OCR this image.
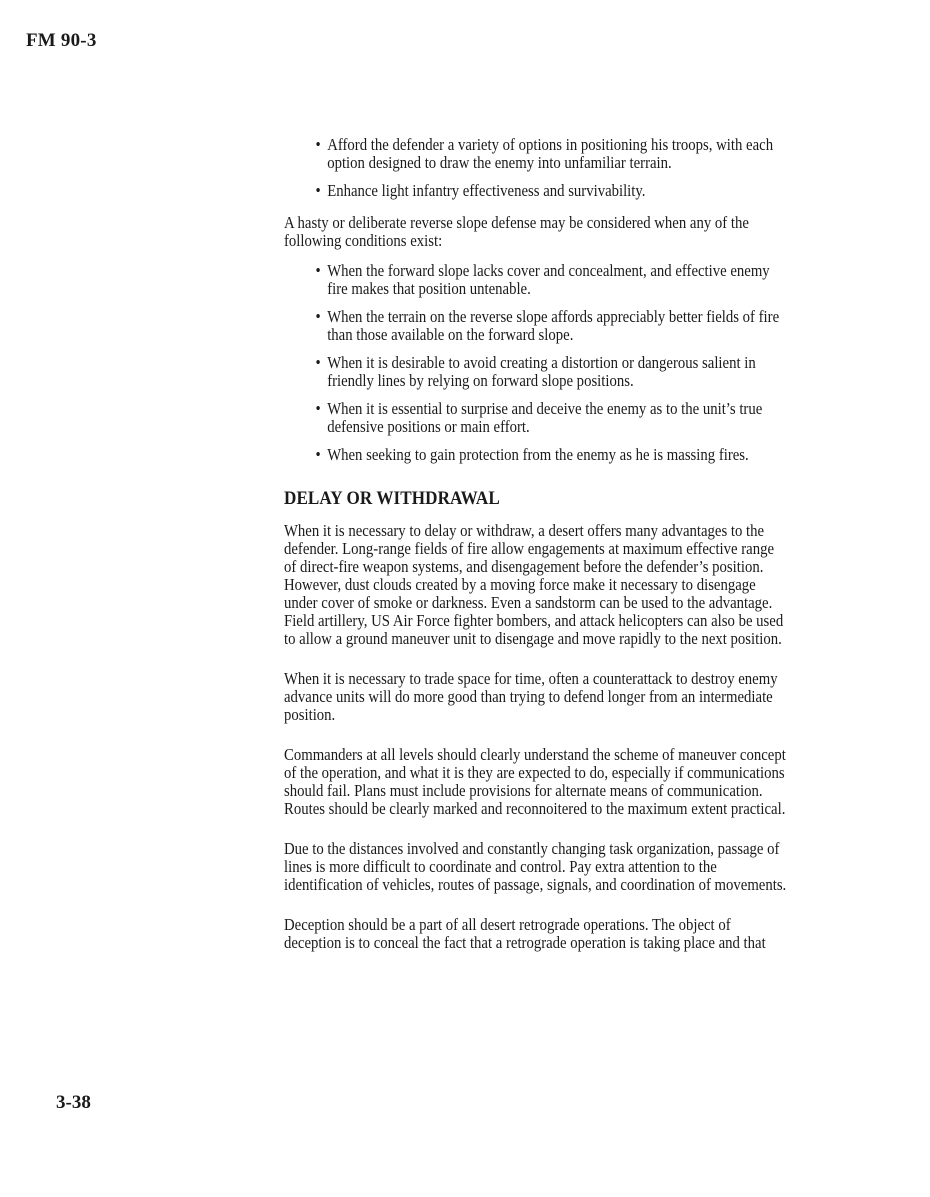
FM 90-3
• Afford the defender a variety of options in positioning his troops, with each option designed to draw the enemy into unfamiliar terrain.
• Enhance light infantry effectiveness and survivability.

A hasty or deliberate reverse slope defense may be considered when any of the following conditions exist:

• When the forward slope lacks cover and concealment, and effective enemy fire makes that position untenable.
• When the terrain on the reverse slope affords appreciably better fields of fire than those available on the forward slope.
• When it is desirable to avoid creating a distortion or dangerous salient in friendly lines by relying on forward slope positions.
• When it is essential to surprise and deceive the enemy as to the unit’s true defensive positions or main effort.
• When seeking to gain protection from the enemy as he is massing fires.
DELAY OR WITHDRAWAL

When it is necessary to delay or withdraw, a desert offers many advantages to the defender. Long-range fields of fire allow engagements at maximum effective range of direct-fire weapon systems, and disengagement before the defender’s position. However, dust clouds created by a moving force make it necessary to disengage under cover of smoke or darkness. Even a sandstorm can be used to the advantage. Field artillery, US Air Force fighter bombers, and attack helicopters can also be used to allow a ground maneuver unit to disengage and move rapidly to the next position.

When it is necessary to trade space for time, often a counterattack to destroy enemy advance units will do more good than trying to defend longer from an intermediate position.

Commanders at all levels should clearly understand the scheme of maneuver concept of the operation, and what it is they are expected to do, especially if communications should fail. Plans must include provisions for alternate means of communication. Routes should be clearly marked and reconnoitered to the maximum extent practical.

Due to the distances involved and constantly changing task organization, passage of lines is more difficult to coordinate and control. Pay extra attention to the identification of vehicles, routes of passage, signals, and coordination of movements.

Deception should be a part of all desert retrograde operations. The object of deception is to conceal the fact that a retrograde operation is taking place and that

3-38
